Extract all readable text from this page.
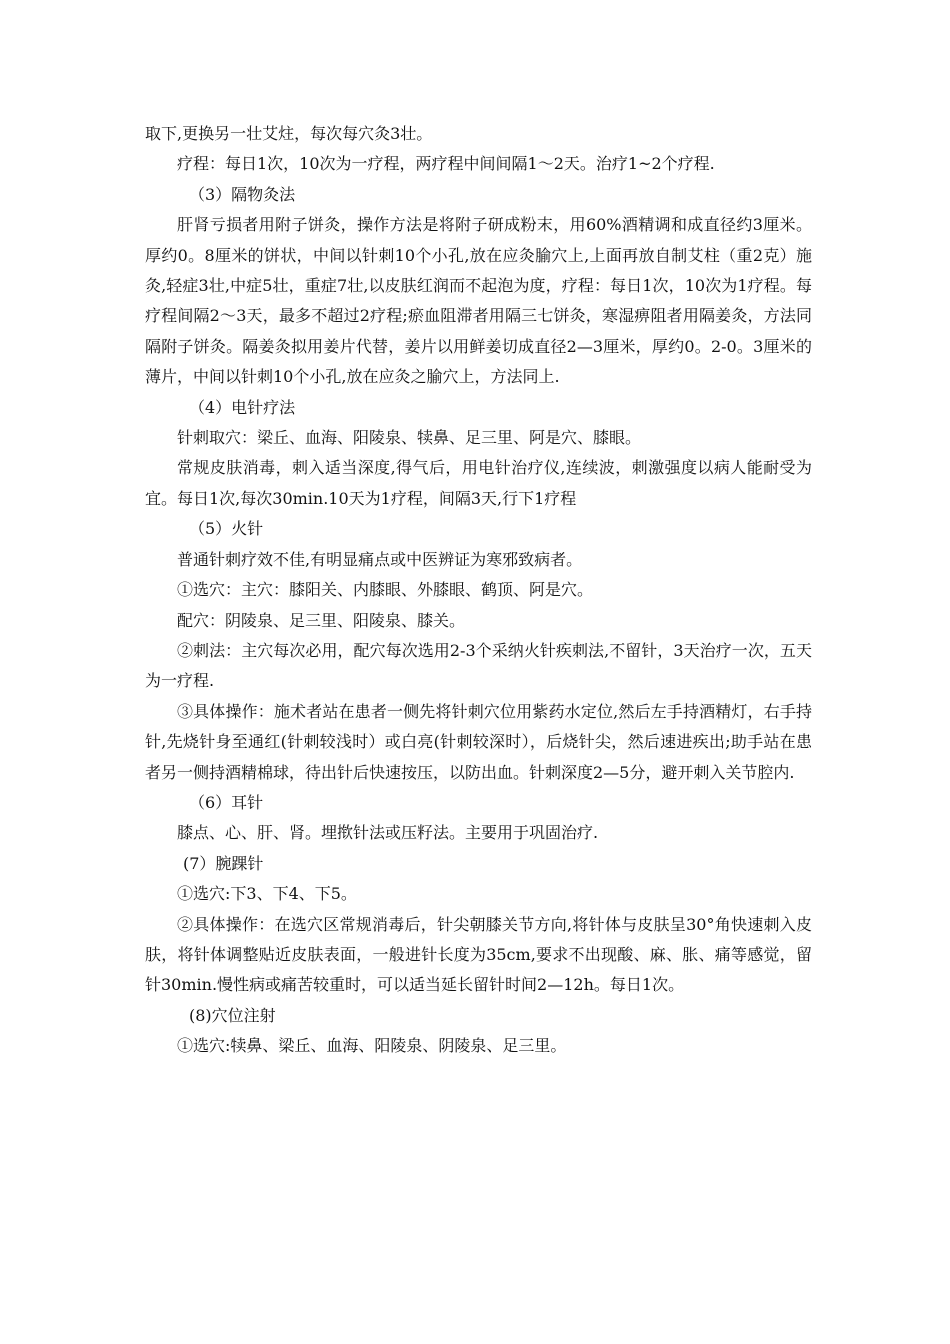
取下,更换另一壮艾炷，每次每穴灸3壮。

疗程：每日1次，10次为一疗程，两疗程中间间隔1～2天。治疗1~2个疗程.

（3）隔物灸法

肝肾亏损者用附子饼灸，操作方法是将附子研成粉末，用60%酒精调和成直径约3厘米。厚约0。8厘米的饼状，中间以针刺10个小孔,放在应灸腧穴上,上面再放自制艾柱（重2克）施灸,轻症3壮,中症5壮，重症7壮,以皮肤红润而不起泡为度，疗程：每日1次，10次为1疗程。每疗程间隔2～3天，最多不超过2疗程;瘀血阻滞者用隔三七饼灸，寒湿痹阻者用隔姜灸，方法同隔附子饼灸。隔姜灸拟用姜片代替，姜片以用鲜姜切成直径2—3厘米，厚约0。2-0。3厘米的薄片，中间以针刺10个小孔,放在应灸之腧穴上，方法同上.

（4）电针疗法

针刺取穴：梁丘、血海、阳陵泉、犊鼻、足三里、阿是穴、膝眼。

常规皮肤消毒，刺入适当深度,得气后，用电针治疗仪,连续波，刺激强度以病人能耐受为宜。每日1次,每次30min.10天为1疗程，间隔3天,行下1疗程

（5）火针

普通针刺疗效不佳,有明显痛点或中医辨证为寒邪致病者。

①选穴：主穴：膝阳关、内膝眼、外膝眼、鹤顶、阿是穴。

配穴：阴陵泉、足三里、阳陵泉、膝关。

②刺法：主穴每次必用，配穴每次选用2-3个采纳火针疾刺法,不留针，3天治疗一次，五天为一疗程.

③具体操作：施术者站在患者一侧先将针刺穴位用紫药水定位,然后左手持酒精灯，右手持针,先烧针身至通红(针刺较浅时）或白亮(针刺较深时），后烧针尖，然后速进疾出;助手站在患者另一侧持酒精棉球，待出针后快速按压，以防出血。针刺深度2—5分，避开刺入关节腔内.

（6）耳针

膝点、心、肝、肾。埋揿针法或压籽法。主要用于巩固治疗.

(7）腕踝针

①选穴:下3、下4、下5。

②具体操作：在选穴区常规消毒后，针尖朝膝关节方向,将针体与皮肤呈30°角快速刺入皮肤，将针体调整贴近皮肤表面，一般进针长度为35cm,要求不出现酸、麻、胀、痛等感觉，留针30min.慢性病或痛苦较重时，可以适当延长留针时间2—12h。每日1次。

(8)穴位注射

①选穴:犊鼻、梁丘、血海、阳陵泉、阴陵泉、足三里。
